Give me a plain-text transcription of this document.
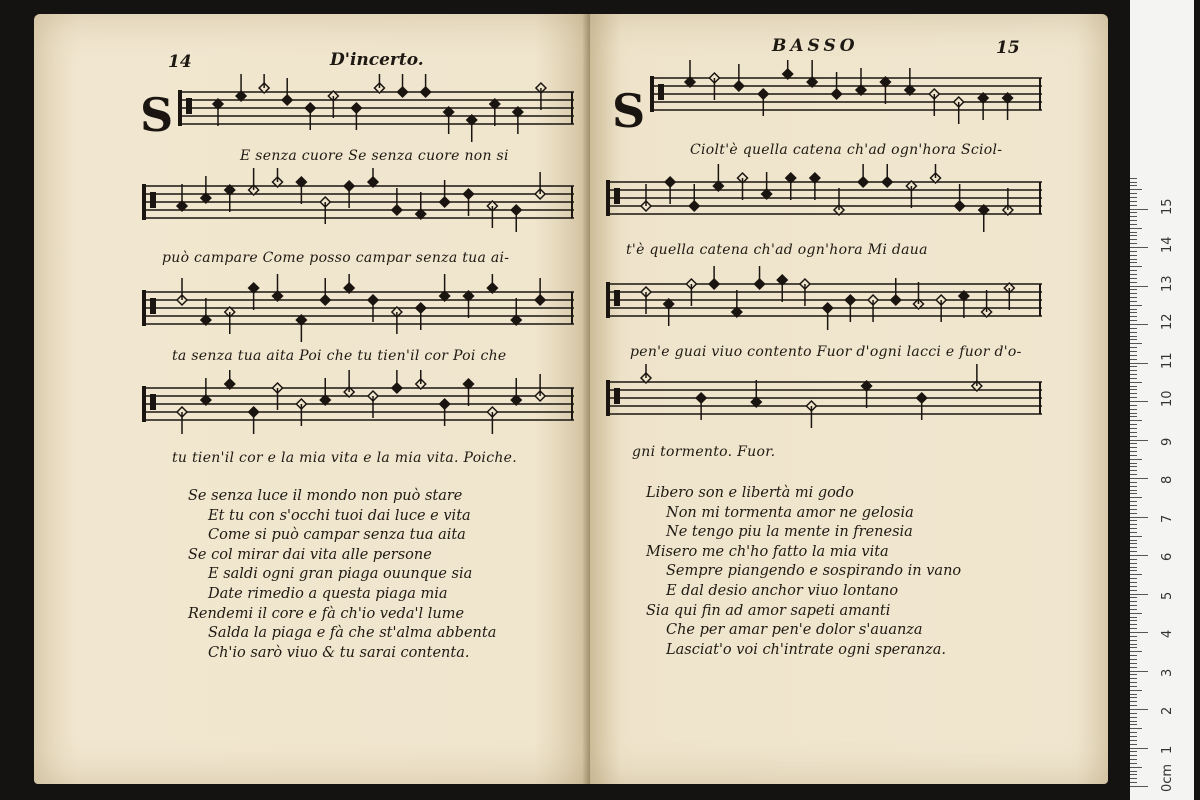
14	D'incerto.
S
E senza cuore Se senza cuore non si
può campare Come posso campar senza tua ai-
ta senza tua aita Poi che tu tien'il cor Poi che
tu tien'il cor e la mia vita e la mia vita. Poiche.
Se senza luce il mondo non può stare
Et tu con s'occhi tuoi dai luce e vita
Come si può campar senza tua aita
Se col mirar dai vita alle persone
E saldi ogni gran piaga ouunque sia
Date rimedio a questa piaga mia
Rendemi il core e fà ch'io veda'l lume
Salda la piaga e fà che st'alma abbenta
Ch'io sarò viuo & tu sarai contenta.
BASSO	15
S
Ciolt'è quella catena ch'ad ogn'hora Sciol-
t'è quella catena ch'ad ogn'hora Mi daua
pen'e guai viuo contento Fuor d'ogni lacci e fuor d'o-
gni tormento. Fuor.
Libero son e libertà mi godo
Non mi tormenta amor ne gelosia
Ne tengo piu la mente in frenesia
Misero me ch'ho fatto la mia vita
Sempre piangendo e sospirando in vano
E dal desio anchor viuo lontano
Sia qui fin ad amor sapeti amanti
Che per amar pen'e dolor s'auanza
Lasciat'o voi ch'intrate ogni speranza.
0cm
1
2
3
4
5
6
7
8
9
10
11
12
13
14
15
